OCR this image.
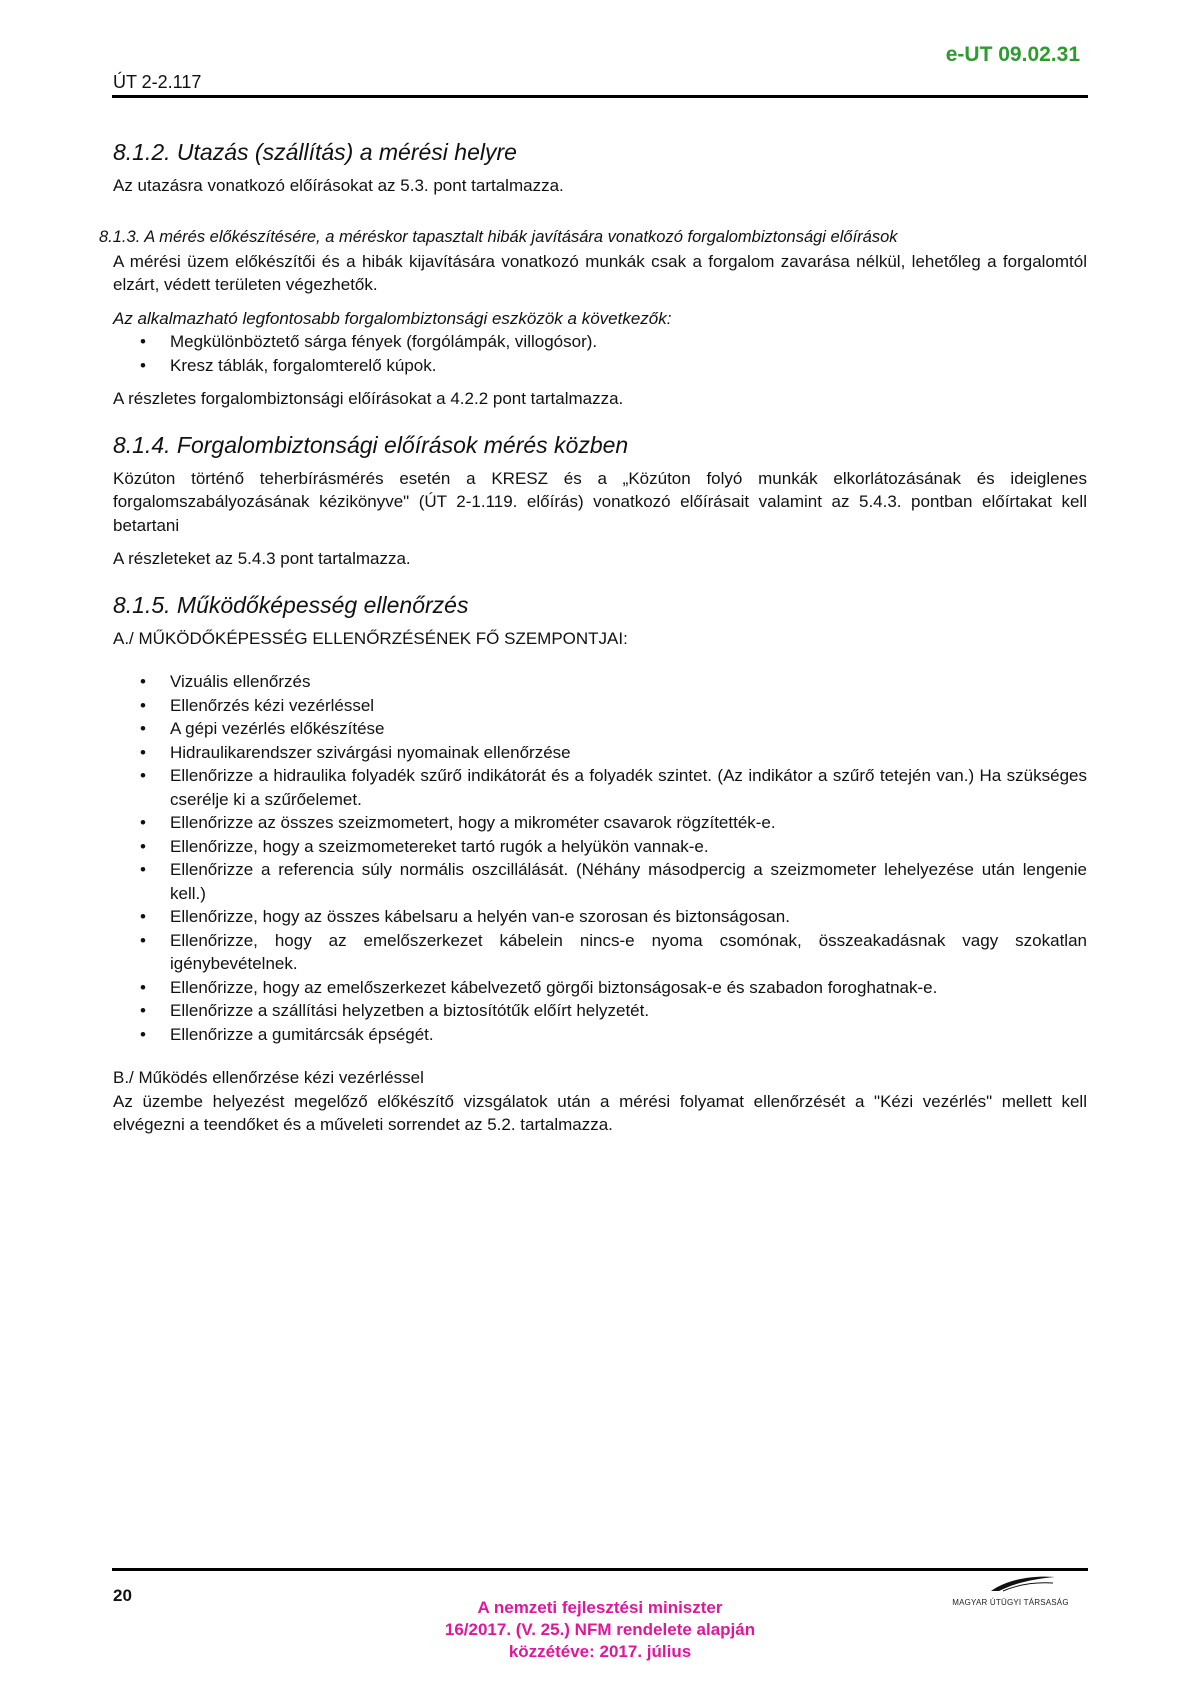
e-UT 09.02.31
ÚT 2-2.117
8.1.2. Utazás (szállítás) a mérési helyre

Az utazásra vonatkozó előírásokat az 5.3. pont tartalmazza.

8.1.3. A mérés előkészítésére, a méréskor tapasztalt hibák javítására vonatkozó forgalombiztonsági előírások

A mérési üzem előkészítői és a hibák kijavítására vonatkozó munkák csak a forgalom zavarása nélkül, lehetőleg a forgalomtól elzárt, védett területen végezhetők.

Az alkalmazható legfontosabb forgalombiztonsági eszközök a következők:

• Megkülönböztető sárga fények (forgólámpák, villogósor).
• Kresz táblák, forgalomterelő kúpok.

A részletes forgalombiztonsági előírásokat a 4.2.2 pont tartalmazza.

8.1.4. Forgalombiztonsági előírások mérés közben

Közúton történő teherbírásmérés esetén a KRESZ és a „Közúton folyó munkák elkorlátozásának és ideiglenes forgalomszabályozásának kézikönyve" (ÚT 2-1.119. előírás) vonatkozó előírásait valamint az 5.4.3. pontban előírtakat kell betartani

A részleteket az 5.4.3 pont tartalmazza.

8.1.5. Működőképesség ellenőrzés

A./ MŰKÖDŐKÉPESSÉG ELLENŐRZÉSÉNEK FŐ SZEMPONTJAI:

• Vizuális ellenőrzés
• Ellenőrzés kézi vezérléssel
• A gépi vezérlés előkészítése
• Hidraulikarendszer szivárgási nyomainak ellenőrzése
• Ellenőrizze a hidraulika folyadék szűrő indikátorát és a folyadék szintet. (Az indikátor a szűrő tetején van.) Ha szükséges cserélje ki a szűrőelemet.
• Ellenőrizze az összes szeizmometert, hogy a mikrométer csavarok rögzítették-e.
• Ellenőrizze, hogy a szeizmometereket tartó rugók a helyükön vannak-e.
• Ellenőrizze a referencia súly normális oszcillálását. (Néhány másodpercig a szeizmometer lehelyezése után lengenie kell.)
• Ellenőrizze, hogy az összes kábelsaru a helyén van-e szorosan és biztonságosan.
• Ellenőrizze, hogy az emelőszerkezet kábelein nincs-e nyoma csomónak, összeakadásnak vagy szokatlan igénybevételnek.
• Ellenőrizze, hogy az emelőszerkezet kábelvezető görgői biztonságosak-e és szabadon foroghatnak-e.
• Ellenőrizze a szállítási helyzetben a biztosítótűk előírt helyzetét.
• Ellenőrizze a gumitárcsák épségét.

B./ Működés ellenőrzése kézi vezérléssel

Az üzembe helyezést megelőző előkészítő vizsgálatok után a mérési folyamat ellenőrzését a "Kézi vezérlés" mellett kell elvégezni a teendőket és a műveleti sorrendet az 5.2. tartalmazza.

20
A nemzeti fejlesztési miniszter
16/2017. (V. 25.) NFM rendelete alapján
közzétéve: 2017. július
MAGYAR ÚTÜGYI TÁRSASÁG
